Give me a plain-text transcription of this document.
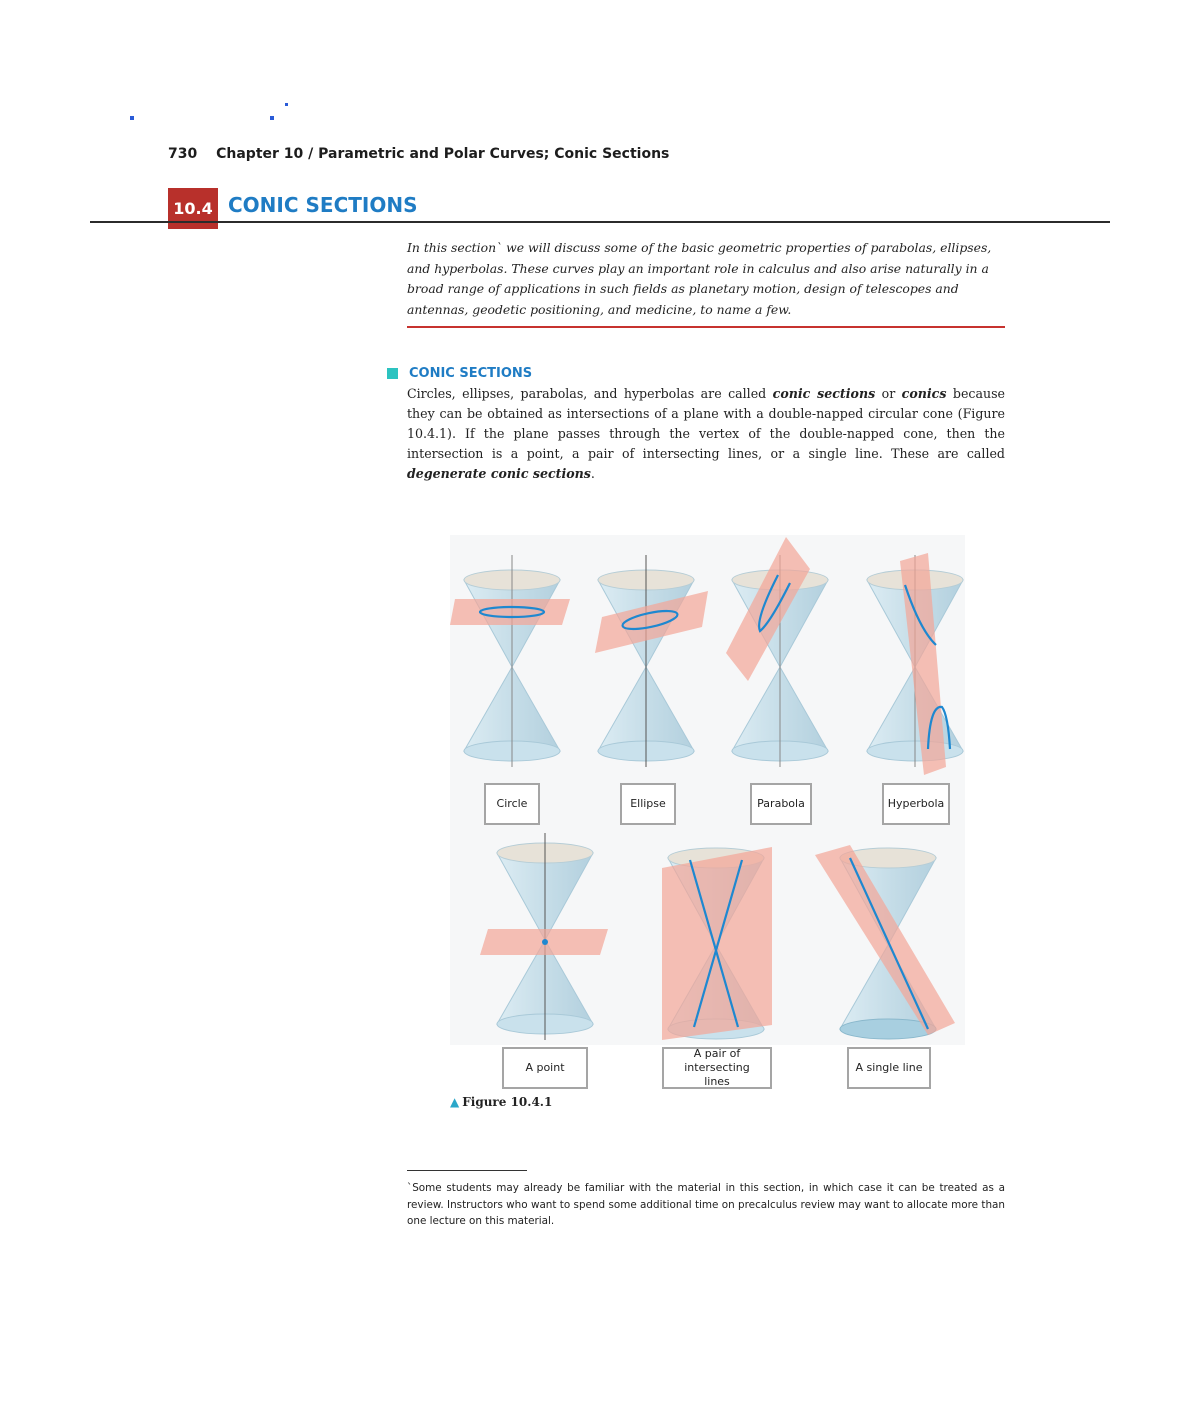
730 Chapter 10 / Parametric and Polar Curves; Conic Sections
10.4 CONIC SECTIONS

In this section` we will discuss some of the basic geometric properties of parabolas, ellipses, and hyperbolas. These curves play an important role in calculus and also arise naturally in a broad range of applications in such fields as planetary motion, design of telescopes and antennas, geodetic positioning, and medicine, to name a few.

CONIC SECTIONS

Circles, ellipses, parabolas, and hyperbolas are called conic sections or conics because they can be obtained as intersections of a plane with a double-napped circular cone (Figure 10.4.1). If the plane passes through the vertex of the double-napped cone, then the intersection is a point, a pair of intersecting lines, or a single line. These are called degenerate conic sections.

Circle	Ellipse	Parabola	Hyperbola
A point
A pair of intersecting lines
A single line
▲ Figure 10.4.1

`Some students may already be familiar with the material in this section, in which case it can be treated as a review. Instructors who want to spend some additional time on precalculus review may want to allocate more than one lecture on this material.
